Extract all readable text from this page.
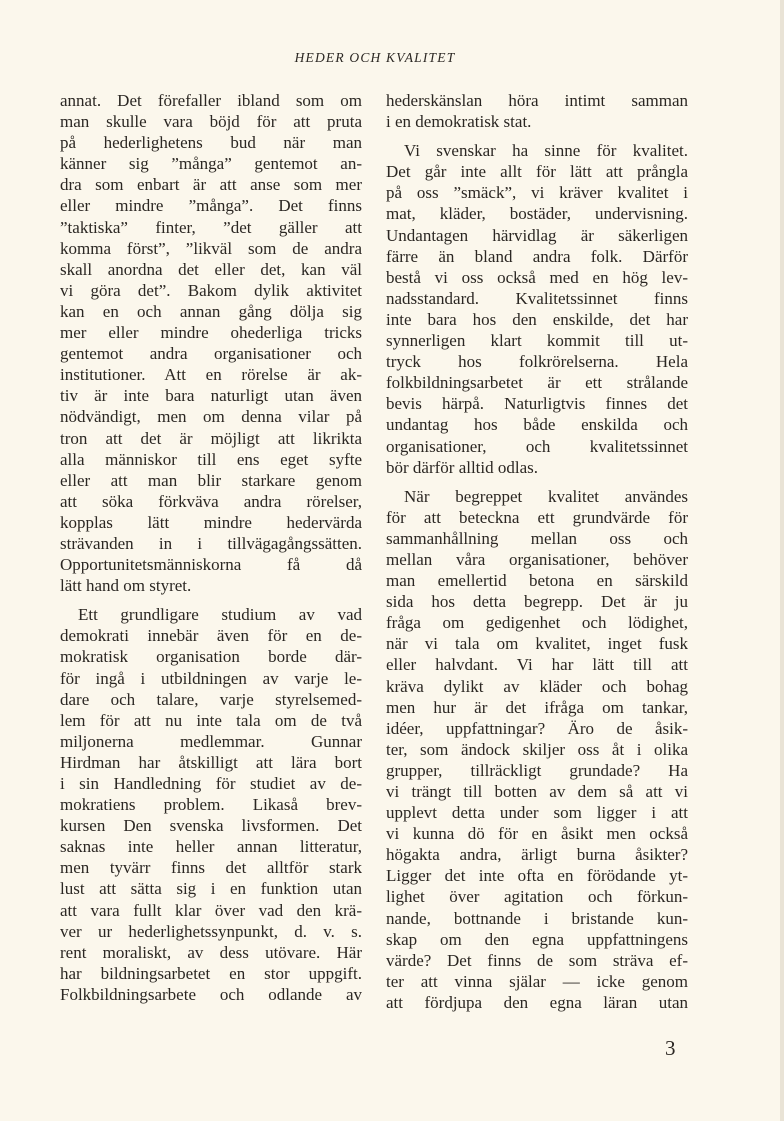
HEDER OCH KVALITET
annat. Det förefaller ibland som om
man skulle vara böjd för att pruta
på hederlighetens bud när man
känner sig ”många” gentemot an-
dra som enbart är att anse som mer
eller mindre ”många”. Det finns
”taktiska” finter, ”det gäller att
komma först”, ”likväl som de andra
skall anordna det eller det, kan väl
vi göra det”. Bakom dylik aktivitet
kan en och annan gång dölja sig
mer eller mindre ohederliga tricks
gentemot andra organisationer och
institutioner. Att en rörelse är ak-
tiv är inte bara naturligt utan även
nödvändigt, men om denna vilar på
tron att det är möjligt att likrikta
alla människor till ens eget syfte
eller att man blir starkare genom
att söka förkväva andra rörelser,
kopplas lätt mindre hedervärda
strävanden in i tillvägagångssätten.
Opportunitetsmänniskorna få då
lätt hand om styret.
Ett grundligare studium av vad
demokrati innebär även för en de-
mokratisk organisation borde där-
för ingå i utbildningen av varje le-
dare och talare, varje styrelsemed-
lem för att nu inte tala om de två
miljonerna medlemmar. Gunnar
Hirdman har åtskilligt att lära bort
i sin Handledning för studiet av de-
mokratiens problem. Likaså brev-
kursen Den svenska livsformen. Det
saknas inte heller annan litteratur,
men tyvärr finns det alltför stark
lust att sätta sig i en funktion utan
att vara fullt klar över vad den krä-
ver ur hederlighetssynpunkt, d. v. s.
rent moraliskt, av dess utövare. Här
har bildningsarbetet en stor uppgift.
Folkbildningsarbete och odlande av
hederskänslan höra intimt samman
i en demokratisk stat.
Vi svenskar ha sinne för kvalitet.
Det går inte allt för lätt att prångla
på oss ”smäck”, vi kräver kvalitet i
mat, kläder, bostäder, undervisning.
Undantagen härvidlag är säkerligen
färre än bland andra folk. Därför
bestå vi oss också med en hög lev-
nadsstandard. Kvalitetssinnet finns
inte bara hos den enskilde, det har
synnerligen klart kommit till ut-
tryck hos folkrörelserna. Hela
folkbildningsarbetet är ett strålande
bevis härpå. Naturligtvis finnes det
undantag hos både enskilda och
organisationer, och kvalitetssinnet
bör därför alltid odlas.
När begreppet kvalitet användes
för att beteckna ett grundvärde för
sammanhållning mellan oss och
mellan våra organisationer, behöver
man emellertid betona en särskild
sida hos detta begrepp. Det är ju
fråga om gedigenhet och lödighet,
när vi tala om kvalitet, inget fusk
eller halvdant. Vi har lätt till att
kräva dylikt av kläder och bohag
men hur är det ifråga om tankar,
idéer, uppfattningar? Äro de åsik-
ter, som ändock skiljer oss åt i olika
grupper, tillräckligt grundade? Ha
vi trängt till botten av dem så att vi
upplevt detta under som ligger i att
vi kunna dö för en åsikt men också
högakta andra, ärligt burna åsikter?
Ligger det inte ofta en förödande yt-
lighet över agitation och förkun-
nande, bottnande i bristande kun-
skap om den egna uppfattningens
värde? Det finns de som sträva ef-
ter att vinna själar — icke genom
att fördjupa den egna läran utan
3
